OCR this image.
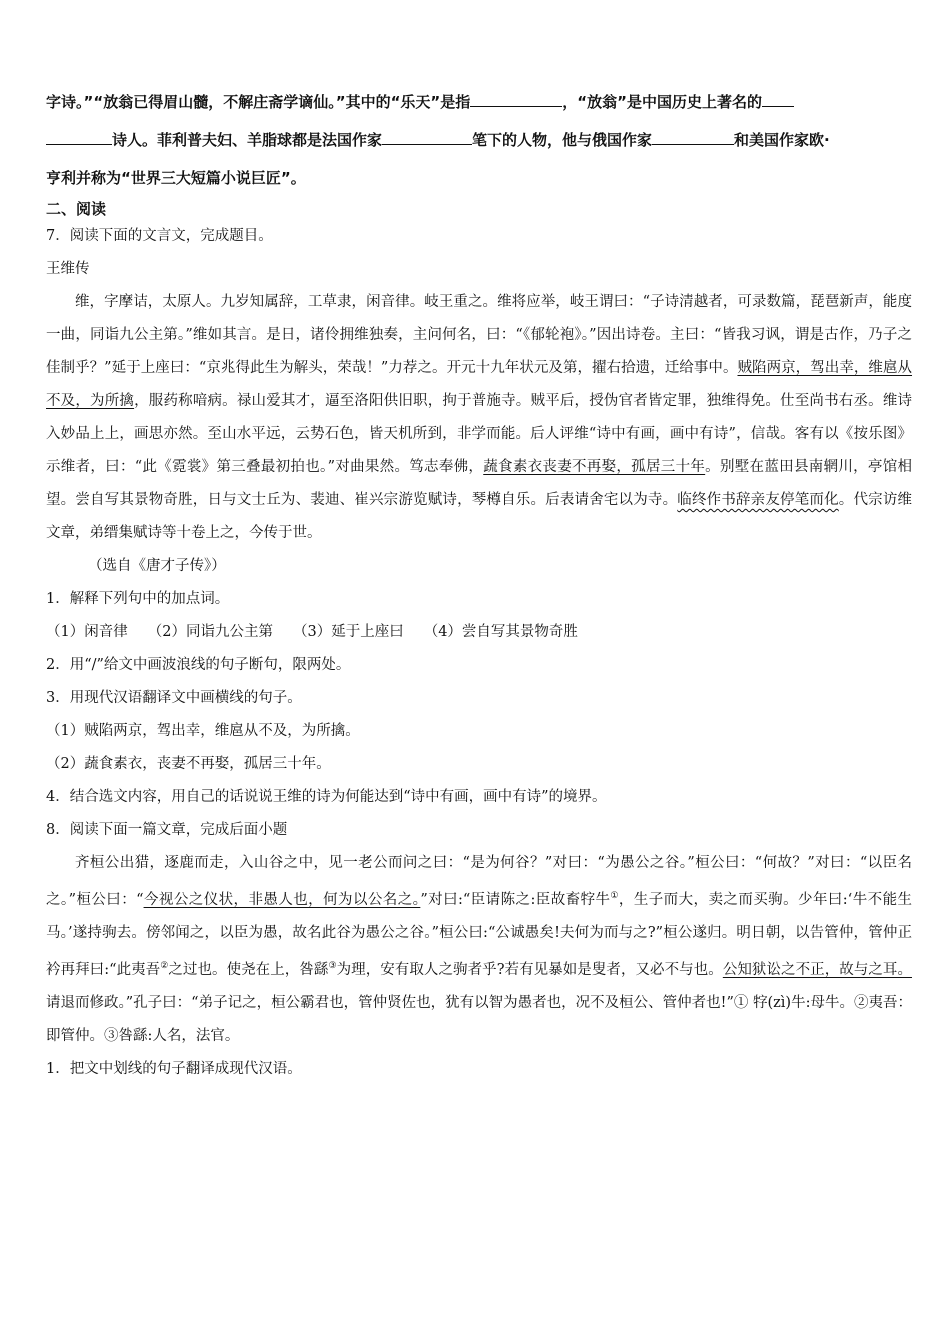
字诗。”“放翁已得眉山髓，不解庄斋学谪仙。”其中的“乐天”是指	，“放翁”是中国历史上著名的
诗人。菲利普夫妇、羊脂球都是法国作家	笔下的人物，他与俄国作家	和美国作家欧·
亨利并称为“世界三大短篇小说巨匠”。
二、阅读
7．阅读下面的文言文，完成题目。
王维传
维，字摩诘，太原人。九岁知属辞，工草隶，闲音律。岐王重之。维将应举，岐王谓曰：“子诗清越者，可录数篇，琵琶新声，能度一曲，同诣九公主第。”维如其言。是日，诸伶拥维独奏，主问何名，曰：“《郁轮袍》。”因出诗卷。主曰：“皆我习讽，谓是古作，乃子之佳制乎？”延于上座曰：“京兆得此生为解头，荣哉！”力荐之。开元十九年状元及第，擢右拾遗，迁给事中。贼陷两京，驾出幸，维扈从不及，为所擒，服药称喑病。禄山爱其才，逼至洛阳供旧职，拘于普施寺。贼平后，授伪官者皆定罪，独维得免。仕至尚书右丞。维诗入妙品上上，画思亦然。至山水平远，云势石色，皆天机所到，非学而能。后人评维“诗中有画，画中有诗”，信哉。客有以《按乐图》示维者，曰：“此《霓裳》第三叠最初拍也。”对曲果然。笃志奉佛，蔬食素衣丧妻不再娶，孤居三十年。别墅在蓝田县南辋川，亭馆相望。尝自写其景物奇胜，日与文士丘为、裴迪、崔兴宗游览赋诗，琴樽自乐。后表请舍宅以为寺。临终作书辞亲友停笔而化。代宗访维文章，弟缙集赋诗等十卷上之，今传于世。
（选自《唐才子传》）
1．解释下列句中的加点词。
（1）闲音律 （2）同诣九公主第 （3）延于上座曰 （4）尝自写其景物奇胜
2．用“/”给文中画波浪线的句子断句，限两处。
3．用现代汉语翻译文中画横线的句子。
（1）贼陷两京，驾出幸，维扈从不及，为所擒。
（2）蔬食素衣，丧妻不再娶，孤居三十年。
4．结合选文内容，用自己的话说说王维的诗为何能达到“诗中有画，画中有诗”的境界。
8．阅读下面一篇文章，完成后面小题
齐桓公出猎，逐鹿而走，入山谷之中，见一老公而问之曰：“是为何谷？”对曰：“为愚公之谷。”桓公曰：“何故？”对曰：“以臣名之。”桓公曰：“今视公之仪状，非愚人也，何为以公名之。”对曰:“臣请陈之:臣故畜牸牛①，生子而大，卖之而买驹。少年曰:‘牛不能生马。’遂持驹去。傍邻闻之，以臣为愚，故名此谷为愚公之谷。”桓公曰:“公诚愚矣!夫何为而与之?”桓公遂归。明日朝，以告管仲，管仲正衿再拜曰:“此夷吾②之过也。使尧在上，咎繇③为理，安有取人之驹者乎?若有见暴如是叟者，又必不与也。公知狱讼之不正，故与之耳。请退而修政。”孔子曰：“弟子记之，桓公霸君也，管仲贤佐也，犹有以智为愚者也，况不及桓公、管仲者也!”① 牸(zì)牛:母牛。②夷吾：即管仲。③咎繇:人名，法官。
1．把文中划线的句子翻译成现代汉语。
